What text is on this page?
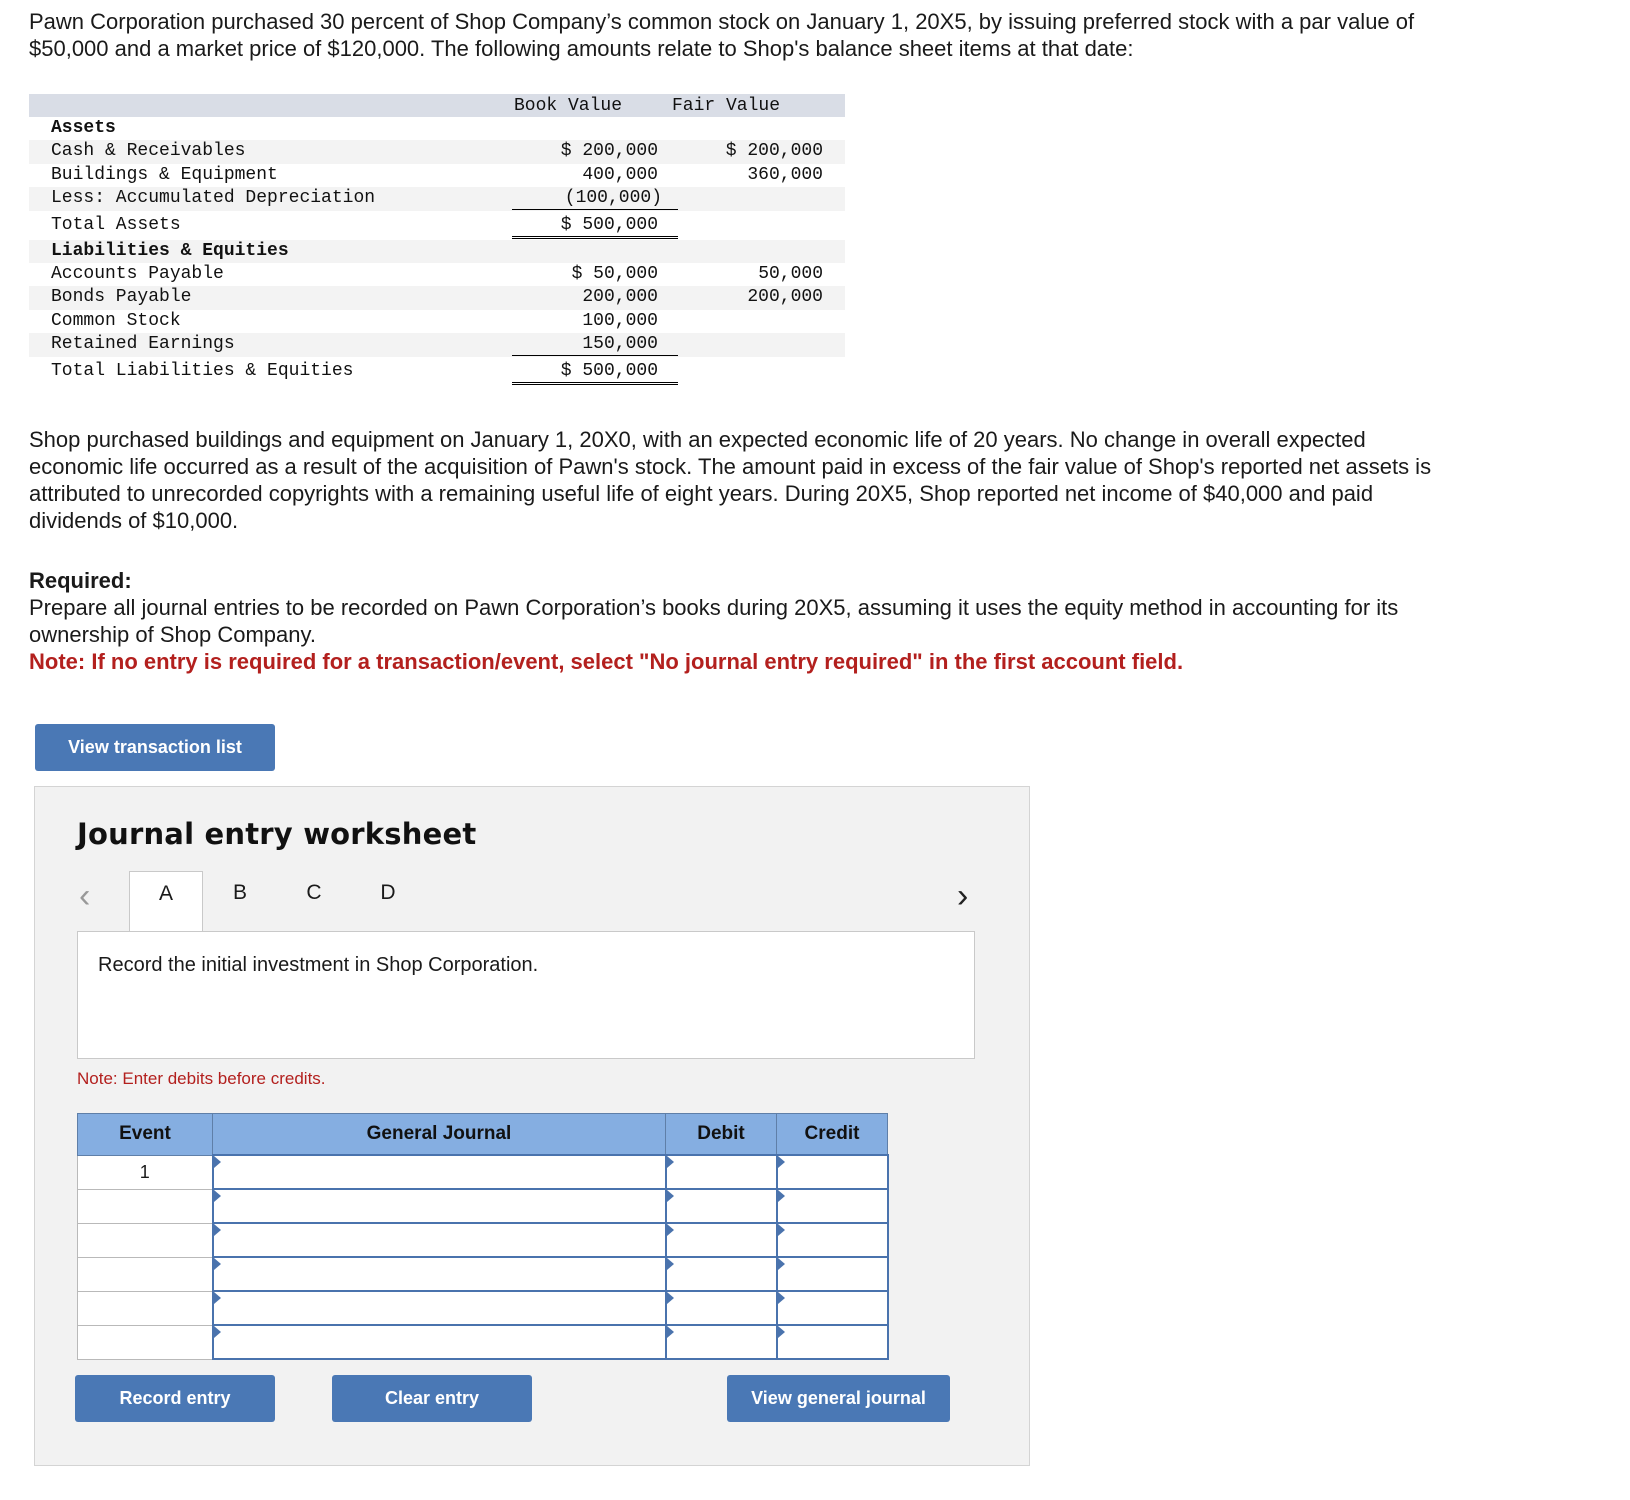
Pawn Corporation purchased 30 percent of Shop Company’s common stock on January 1, 20X5, by issuing preferred stock with a par value of $50,000 and a market price of $120,000. The following amounts relate to Shop's balance sheet items at that date:

Book Value	Fair Value
Assets
Cash & Receivables	$ 200,000	$ 200,000
Buildings & Equipment	400,000	360,000
Less: Accumulated Depreciation	(100,000)
Total Assets	$ 500,000
Liabilities & Equities
Accounts Payable	$ 50,000	50,000
Bonds Payable	200,000	200,000
Common Stock	100,000
Retained Earnings	150,000
Total Liabilities & Equities	$ 500,000

Shop purchased buildings and equipment on January 1, 20X0, with an expected economic life of 20 years. No change in overall expected economic life occurred as a result of the acquisition of Pawn's stock. The amount paid in excess of the fair value of Shop's reported net assets is attributed to unrecorded copyrights with a remaining useful life of eight years. During 20X5, Shop reported net income of $40,000 and paid dividends of $10,000.

Required:
Prepare all journal entries to be recorded on Pawn Corporation’s books during 20X5, assuming it uses the equity method in accounting for its ownership of Shop Company.
Note: If no entry is required for a transaction/event, select "No journal entry required" in the first account field.
View transaction list
Journal entry worksheet
‹	A	B	C	D	›
Record the initial investment in Shop Corporation.
Note: Enter debits before credits.
Event	General Journal	Debit	Credit
1			

Record entry	Clear entry	View general journal
